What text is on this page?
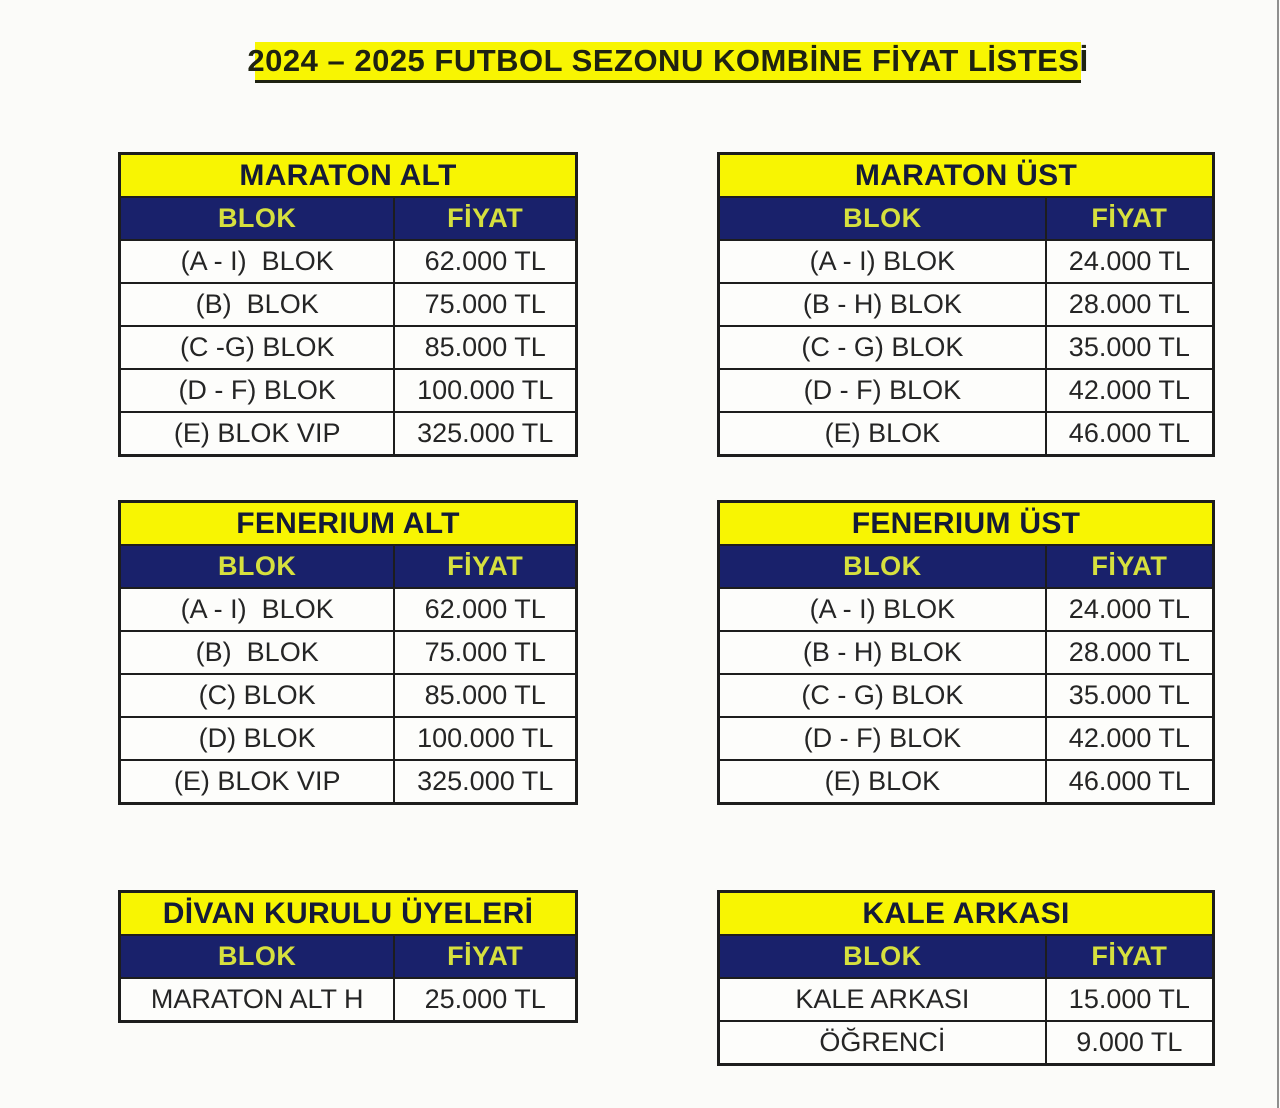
2024 – 2025 FUTBOL SEZONU KOMBİNE FİYAT LİSTESİ
MARATON ALT
BLOK	FİYAT
(A - I)  BLOK	62.000 TL
(B)  BLOK	75.000 TL
(C -G) BLOK	85.000 TL
(D - F) BLOK	100.000 TL
(E) BLOK VIP	325.000 TL
MARATON ÜST
BLOK	FİYAT
(A - I) BLOK	24.000 TL
(B - H) BLOK	28.000 TL
(C - G) BLOK	35.000 TL
(D - F) BLOK	42.000 TL
(E) BLOK	46.000 TL
FENERIUM ALT
BLOK	FİYAT
(A - I)  BLOK	62.000 TL
(B)  BLOK	75.000 TL
(C) BLOK	85.000 TL
(D) BLOK	100.000 TL
(E) BLOK VIP	325.000 TL
FENERIUM ÜST
BLOK	FİYAT
(A - I) BLOK	24.000 TL
(B - H) BLOK	28.000 TL
(C - G) BLOK	35.000 TL
(D - F) BLOK	42.000 TL
(E) BLOK	46.000 TL
DİVAN KURULU ÜYELERİ
BLOK	FİYAT
MARATON ALT H	25.000 TL
KALE ARKASI
BLOK	FİYAT
KALE ARKASI	15.000 TL
ÖĞRENCİ	9.000 TL
